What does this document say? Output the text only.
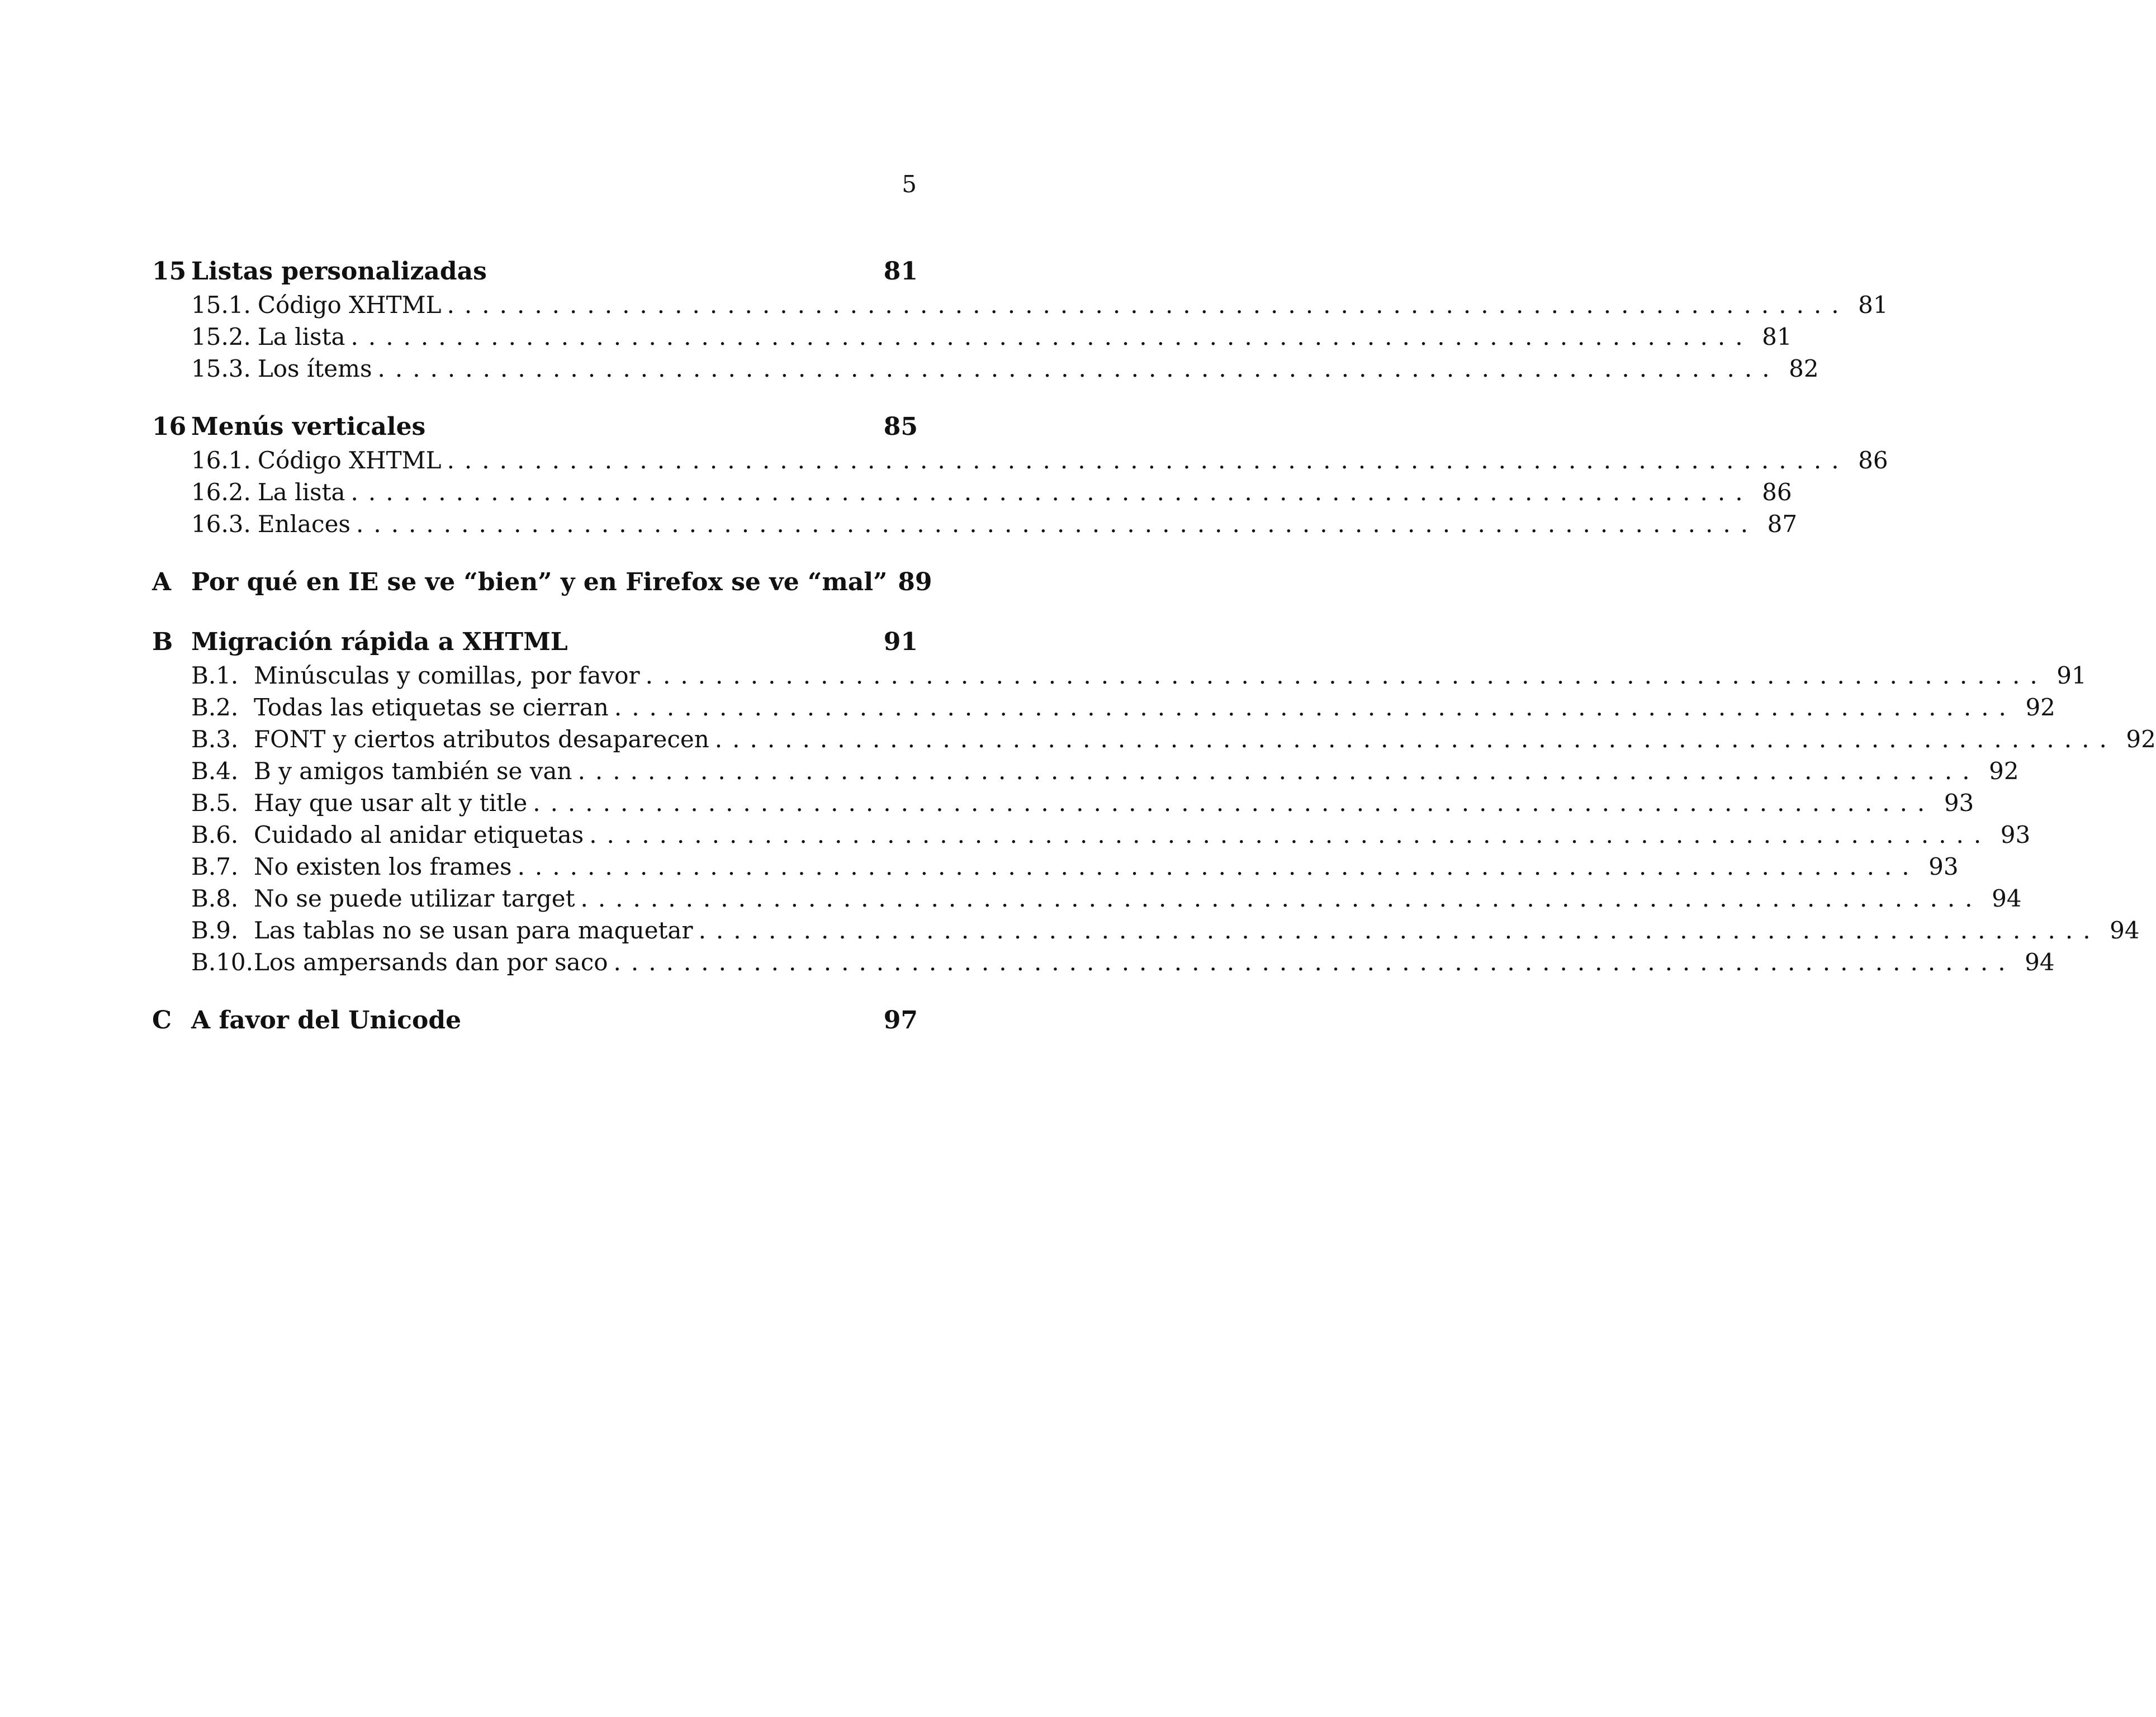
5
15 Listas personalizadas	81
15.1. Código XHTML ................................................................................ 81
15.2. La lista ................................................................................ 81
15.3. Los ítems ................................................................................ 82
16 Menús verticales	85
16.1. Código XHTML ................................................................................ 86
16.2. La lista ................................................................................ 86
16.3. Enlaces ................................................................................ 87
A Por qué en IE se ve “bien” y en Firefox se ve “mal” 89
B Migración rápida a XHTML	91
B.1. Minúsculas y comillas, por favor ................................................................................ 91
B.2. Todas las etiquetas se cierran ................................................................................ 92
B.3. FONT y ciertos atributos desaparecen ................................................................................ 92
B.4. B y amigos también se van ................................................................................ 92
B.5. Hay que usar alt y title ................................................................................ 93
B.6. Cuidado al anidar etiquetas ................................................................................ 93
B.7. No existen los frames ................................................................................ 93
B.8. No se puede utilizar target ................................................................................ 94
B.9. Las tablas no se usan para maquetar ................................................................................ 94
B.10. Los ampersands dan por saco ................................................................................ 94
C A favor del Unicode	97
